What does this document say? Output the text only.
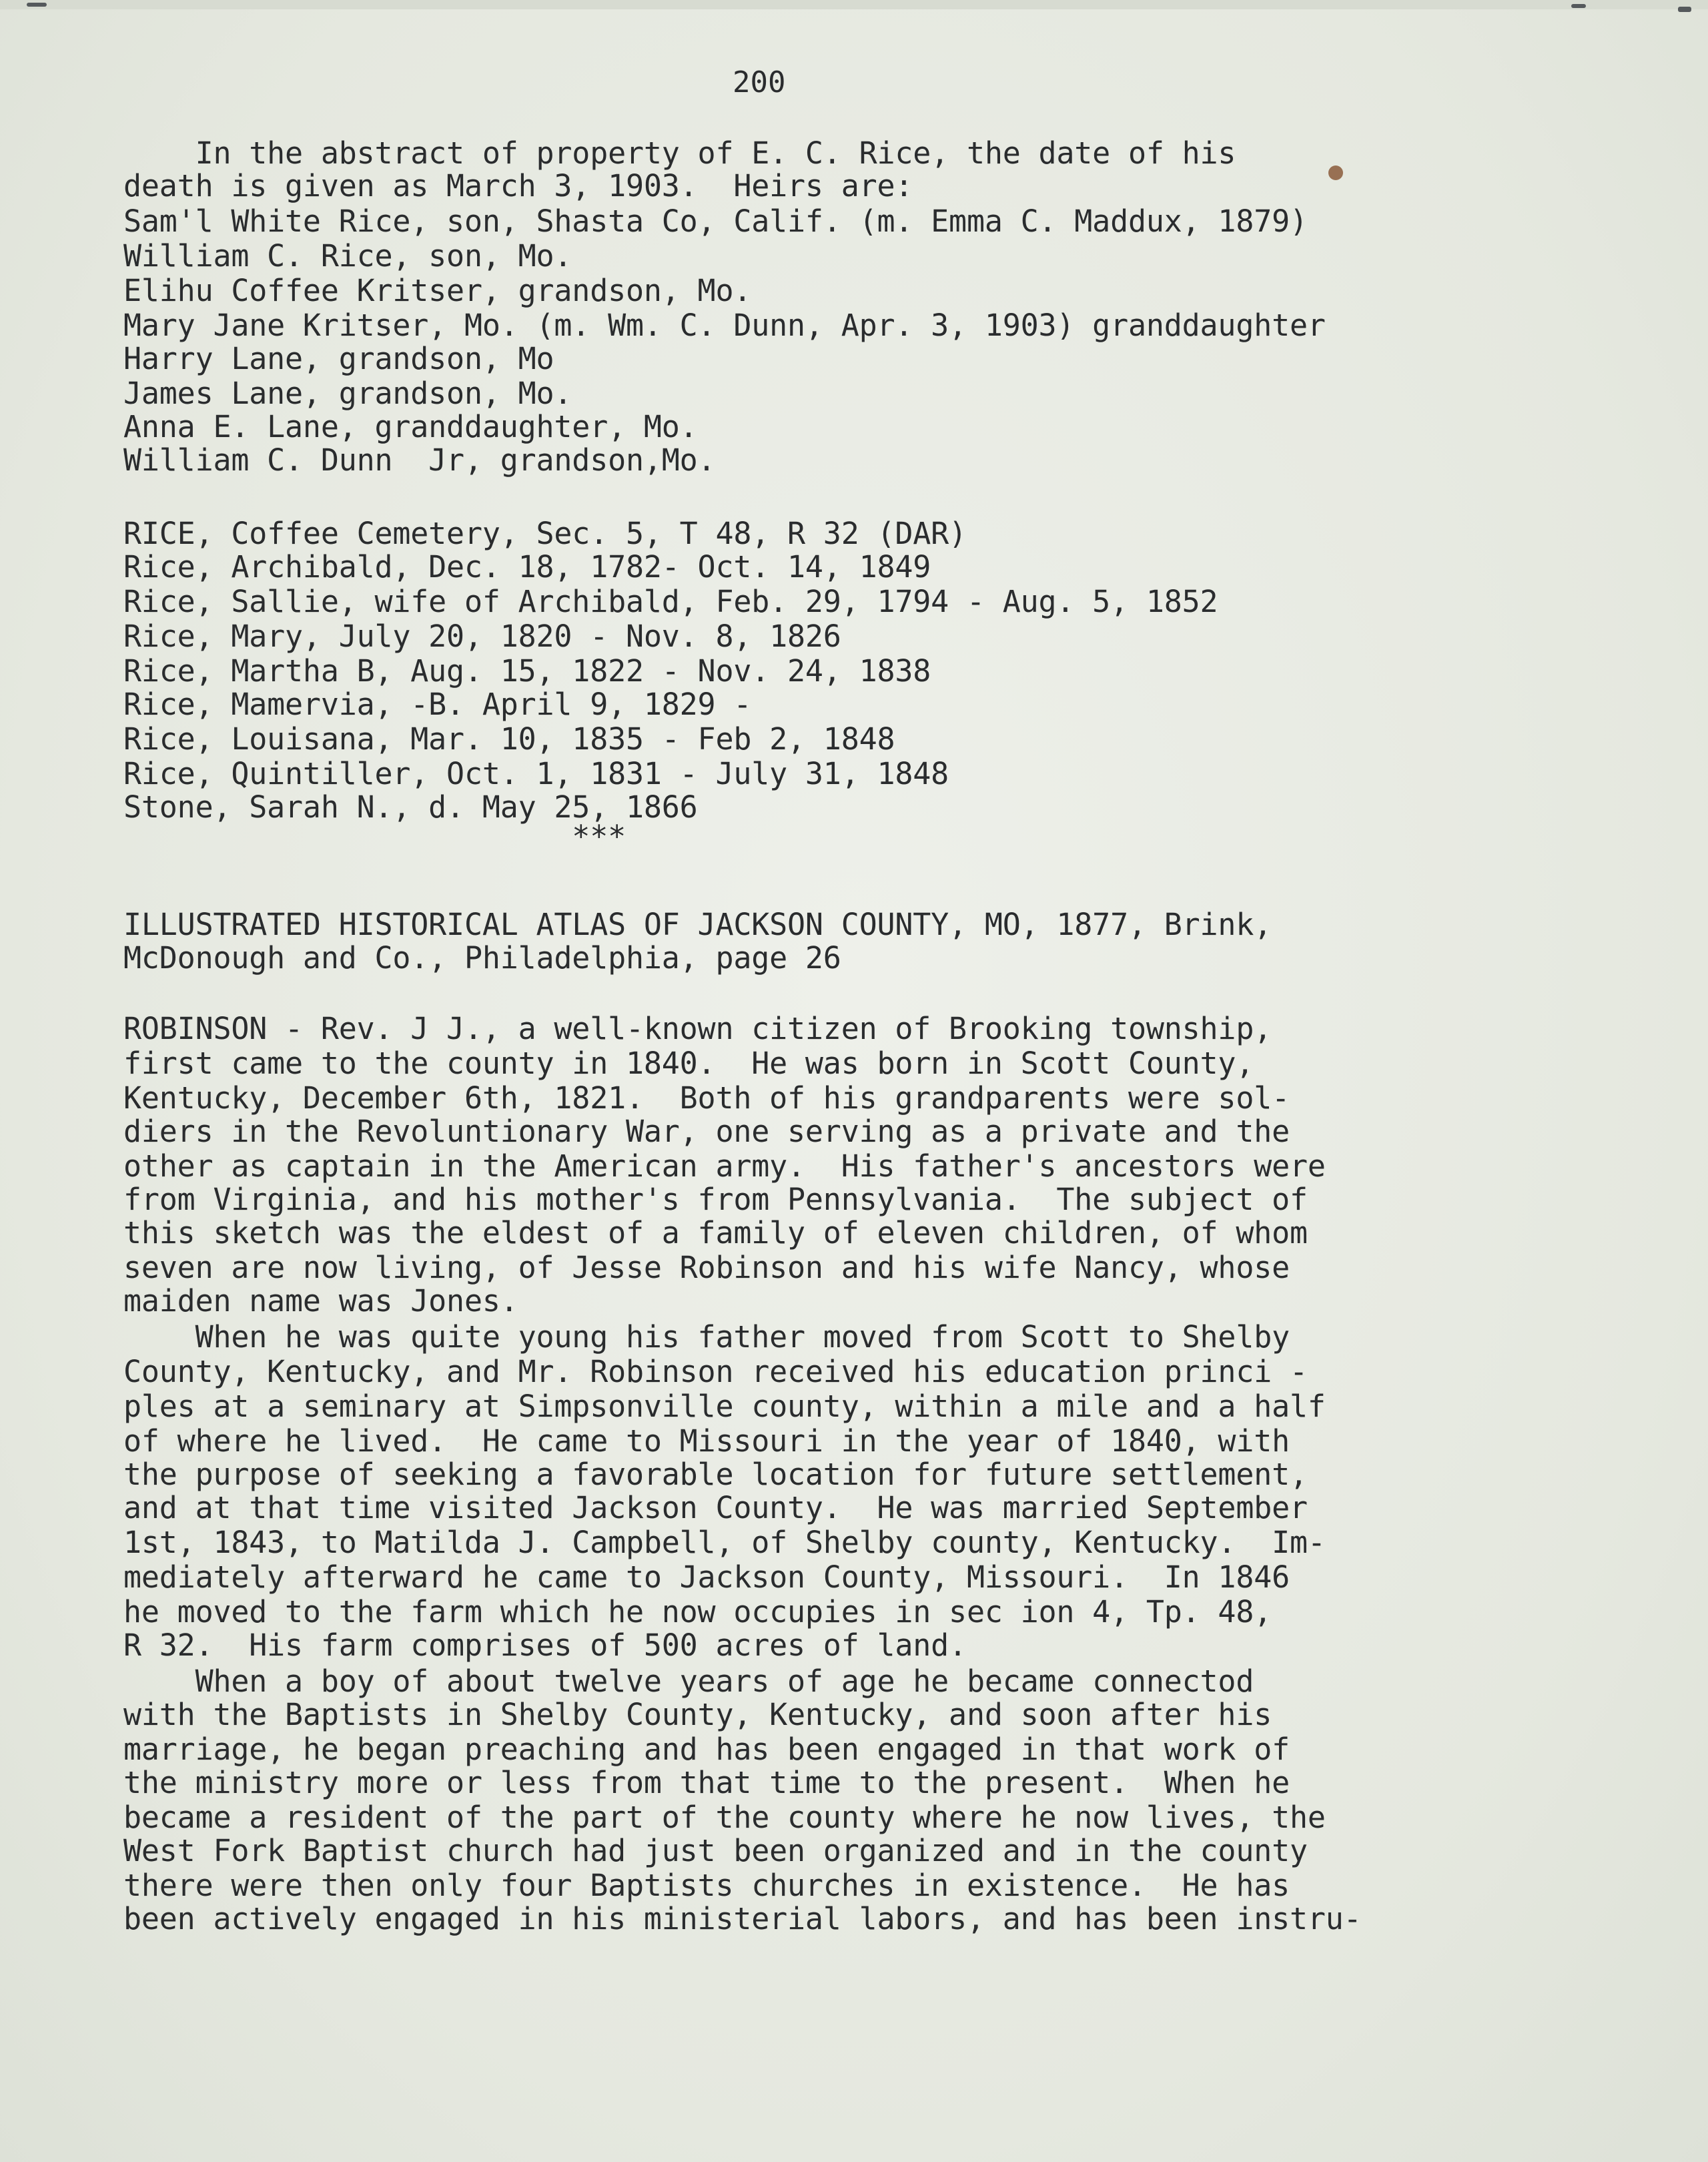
200
In the abstract of property of E. C. Rice, the date of his
death is given as March 3, 1903.  Heirs are:
Sam'l White Rice, son, Shasta Co, Calif. (m. Emma C. Maddux, 1879)
William C. Rice, son, Mo.
Elihu Coffee Kritser, grandson, Mo.
Mary Jane Kritser, Mo. (m. Wm. C. Dunn, Apr. 3, 1903) granddaughter
Harry Lane, grandson, Mo
James Lane, grandson, Mo.
Anna E. Lane, granddaughter, Mo.
William C. Dunn  Jr, grandson,Mo.
RICE, Coffee Cemetery, Sec. 5, T 48, R 32 (DAR)
Rice, Archibald, Dec. 18, 1782- Oct. 14, 1849
Rice, Sallie, wife of Archibald, Feb. 29, 1794 - Aug. 5, 1852
Rice, Mary, July 20, 1820 - Nov. 8, 1826
Rice, Martha B, Aug. 15, 1822 - Nov. 24, 1838
Rice, Mamervia, -B. April 9, 1829 -
Rice, Louisana, Mar. 10, 1835 - Feb 2, 1848
Rice, Quintiller, Oct. 1, 1831 - July 31, 1848
Stone, Sarah N., d. May 25, 1866
***
ILLUSTRATED HISTORICAL ATLAS OF JACKSON COUNTY, MO, 1877, Brink,
McDonough and Co., Philadelphia, page 26
ROBINSON - Rev. J J., a well-known citizen of Brooking township,
first came to the county in 1840.  He was born in Scott County,
Kentucky, December 6th, 1821.  Both of his grandparents were sol-
diers in the Revoluntionary War, one serving as a private and the
other as captain in the American army.  His father's ancestors were
from Virginia, and his mother's from Pennsylvania.  The subject of
this sketch was the eldest of a family of eleven children, of whom
seven are now living, of Jesse Robinson and his wife Nancy, whose
maiden name was Jones.
When he was quite young his father moved from Scott to Shelby
County, Kentucky, and Mr. Robinson received his education princi -
ples at a seminary at Simpsonville county, within a mile and a half
of where he lived.  He came to Missouri in the year of 1840, with
the purpose of seeking a favorable location for future settlement,
and at that time visited Jackson County.  He was married September
1st, 1843, to Matilda J. Campbell, of Shelby county, Kentucky.  Im-
mediately afterward he came to Jackson County, Missouri.  In 1846
he moved to the farm which he now occupies in sec ion 4, Tp. 48,
R 32.  His farm comprises of 500 acres of land.
When a boy of about twelve years of age he became connectod
with the Baptists in Shelby County, Kentucky, and soon after his
marriage, he began preaching and has been engaged in that work of
the ministry more or less from that time to the present.  When he
became a resident of the part of the county where he now lives, the
West Fork Baptist church had just been organized and in the county
there were then only four Baptists churches in existence.  He has
been actively engaged in his ministerial labors, and has been instru-
